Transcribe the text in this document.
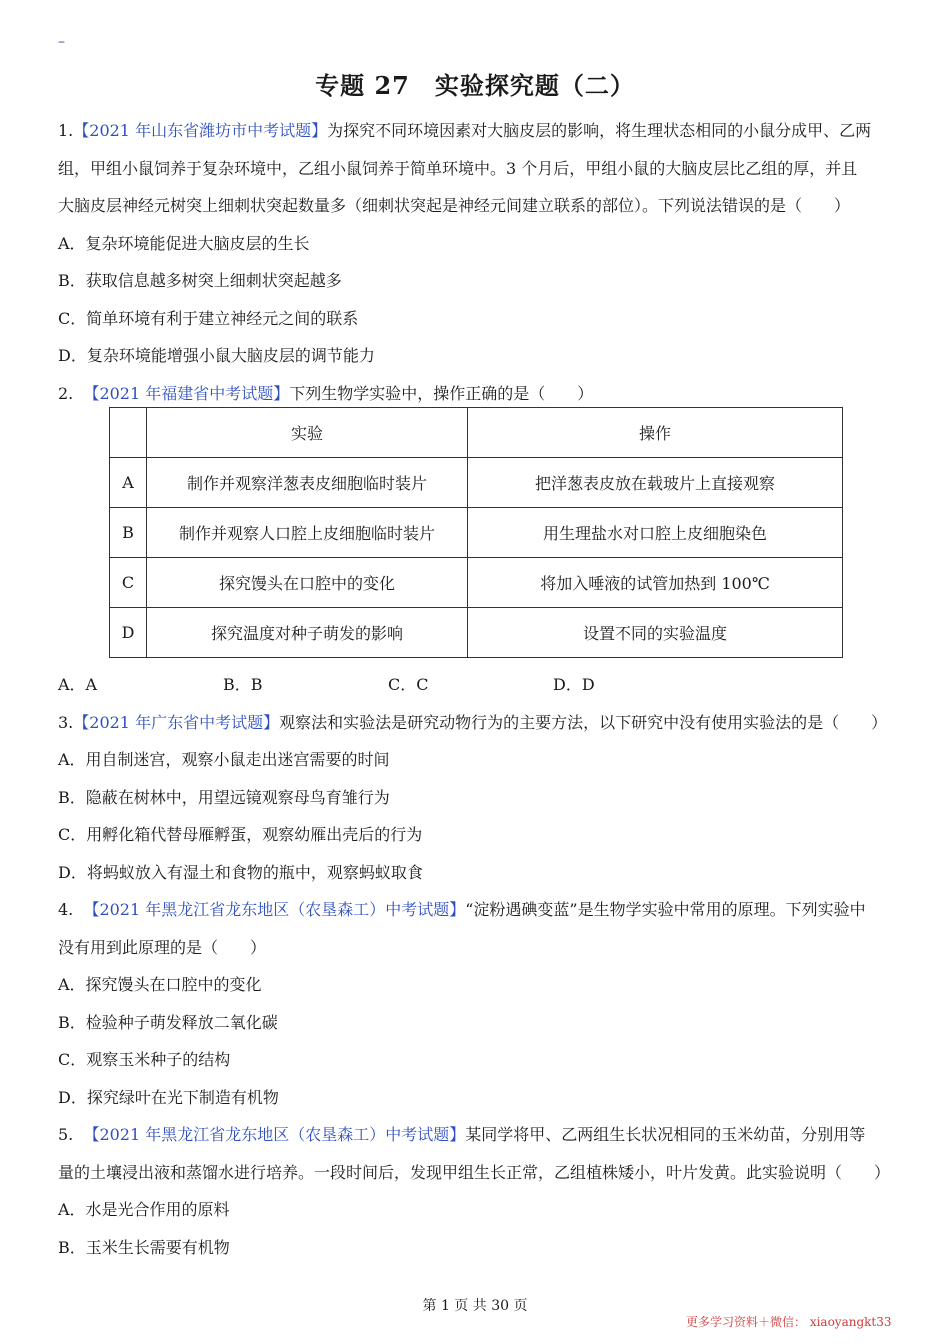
–
专题 27　实验探究题（二）
1.【2021 年山东省潍坊市中考试题】为探究不同环境因素对大脑皮层的影响，将生理状态相同的小鼠分成甲、乙两
组，甲组小鼠饲养于复杂环境中，乙组小鼠饲养于简单环境中。3 个月后，甲组小鼠的大脑皮层比乙组的厚，并且
大脑皮层神经元树突上细刺状突起数量多（细刺状突起是神经元间建立联系的部位）。下列说法错误的是（　　）
A．复杂环境能促进大脑皮层的生长
B．获取信息越多树突上细刺状突起越多
C．简单环境有利于建立神经元之间的联系
D．复杂环境能增强小鼠大脑皮层的调节能力
2. 【2021 年福建省中考试题】下列生物学实验中，操作正确的是（　　）
A．A	B．B	C．C	D．D
3.【2021 年广东省中考试题】观察法和实验法是研究动物行为的主要方法，以下研究中没有使用实验法的是（　　）
A．用自制迷宫，观察小鼠走出迷宫需要的时间
B．隐蔽在树林中，用望远镜观察母鸟育雏行为
C．用孵化箱代替母雁孵蛋，观察幼雁出壳后的行为
D．将蚂蚁放入有湿土和食物的瓶中，观察蚂蚁取食
4. 【2021 年黑龙江省龙东地区（农垦森工）中考试题】“淀粉遇碘变蓝”是生物学实验中常用的原理。下列实验中
没有用到此原理的是（　　）
A．探究馒头在口腔中的变化
B．检验种子萌发释放二氧化碳
C．观察玉米种子的结构
D．探究绿叶在光下制造有机物
5. 【2021 年黑龙江省龙东地区（农垦森工）中考试题】某同学将甲、乙两组生长状况相同的玉米幼苗，分别用等
量的土壤浸出液和蒸馏水进行培养。一段时间后，发现甲组生长正常，乙组植株矮小，叶片发黄。此实验说明（　　）
A．水是光合作用的原料
B．玉米生长需要有机物
	实验	操作
A	制作并观察洋葱表皮细胞临时装片	把洋葱表皮放在载玻片上直接观察
B	制作并观察人口腔上皮细胞临时装片	用生理盐水对口腔上皮细胞染色
C	探究馒头在口腔中的变化	将加入唾液的试管加热到 100℃
D	探究温度对种子萌发的影响	设置不同的实验温度
第 1 页 共 30 页
更多学习资料＋微信： xiaoyangkt33
